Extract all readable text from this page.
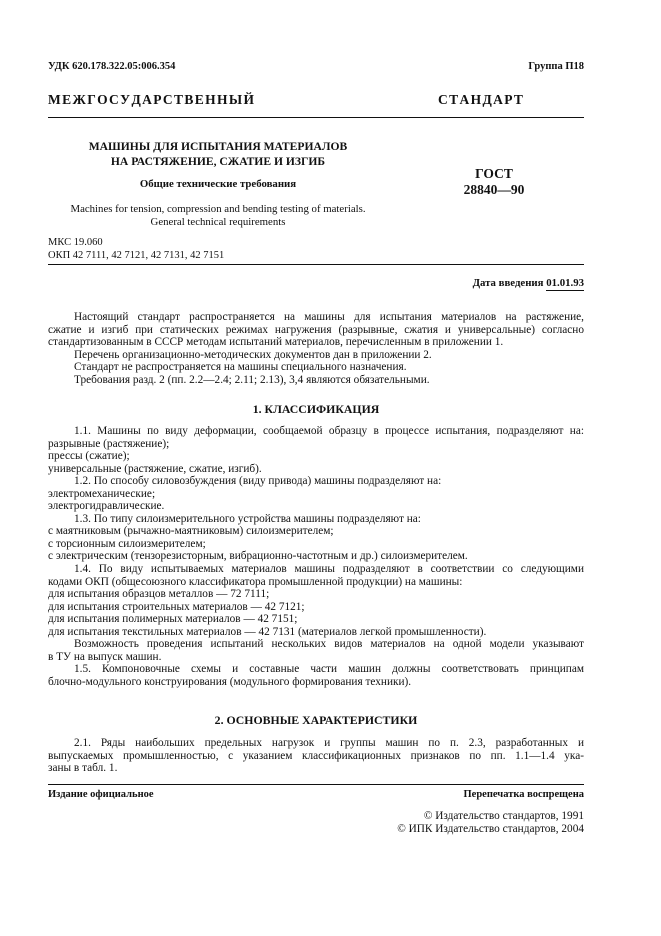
УДК 620.178.322.05:006.354	Группа П18
М Е Ж Г О С У Д А Р С Т В Е Н Н Ы Й	С Т А Н Д А Р Т
МАШИНЫ ДЛЯ ИСПЫТАНИЯ МАТЕРИАЛОВ
НА РАСТЯЖЕНИЕ, СЖАТИЕ И ИЗГИБ
Общие технические требования
ГОСТ
28840—90
Machines for tension, compression and bending testing of materials.
General technical requirements
МКС 19.060
ОКП 42 7111, 42 7121, 42 7131, 42 7151
Дата введения 01.01.93
Настоящий стандарт распространяется на машины для испытания материалов на растяжение,
сжатие и изгиб при статических режимах нагружения (разрывные, сжатия и универсальные) согласно
стандартизованным в СССР методам испытаний материалов, перечисленным в приложении 1.
Перечень организационно-методических документов дан в приложении 2.
Стандарт не распространяется на машины специального назначения.
Требования разд. 2 (пп. 2.2—2.4; 2.11; 2.13), 3,4 являются обязательными.
1. КЛАССИФИКАЦИЯ
1.1. Машины по виду деформации, сообщаемой образцу в процессе испытания, подразделяют на:
разрывные (растяжение);
прессы (сжатие);
универсальные (растяжение, сжатие, изгиб).
1.2. По способу силовозбуждения (виду привода) машины подразделяют на:
электромеханические;
электрогидравлические.
1.3. По типу силоизмерительного устройства машины подразделяют на:
с маятниковым (рычажно-маятниковым) силоизмерителем;
с торсионным силоизмерителем;
с электрическим (тензорезисторным, вибрационно-частотным и др.) силоизмерителем.
1.4. По виду испытываемых материалов машины подразделяют в соответствии со следующими
кодами ОКП (общесоюзного классификатора промышленной продукции) на машины:
для испытания образцов металлов — 72 7111;
для испытания строительных материалов — 42 7121;
для испытания полимерных материалов — 42 7151;
для испытания текстильных материалов — 42 7131 (материалов легкой промышленности).
Возможность проведения испытаний нескольких видов материалов на одной модели указывают
в ТУ на выпуск машин.
1.5. Компоновочные схемы и составные части машин должны соответствовать принципам
блочно-модульного конструирования (модульного формирования техники).
2. ОСНОВНЫЕ ХАРАКТЕРИСТИКИ
2.1. Ряды наибольших предельных нагрузок и группы машин по п. 2.3, разработанных и
выпускаемых промышленностью, с указанием классификационных признаков по пп. 1.1—1.4 ука-
заны в табл. 1.
Издание официальное	Перепечатка воспрещена
© Издательство стандартов, 1991
© ИПК Издательство стандартов, 2004
